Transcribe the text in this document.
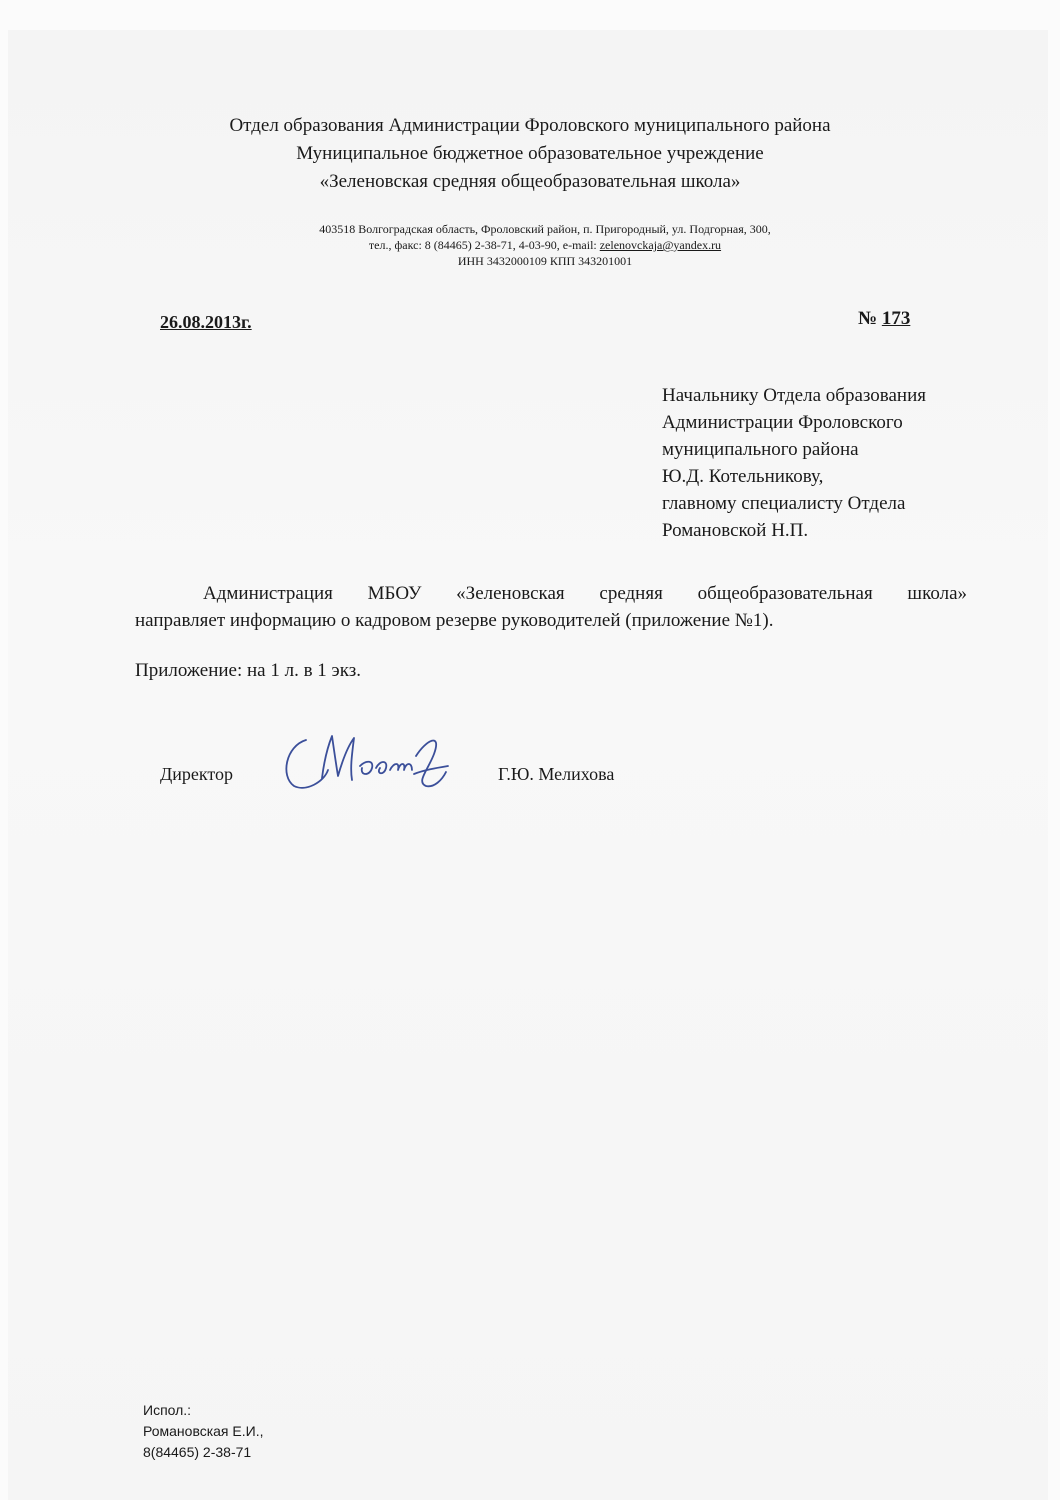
Отдел образования Администрации Фроловского муниципального района
Муниципальное бюджетное образовательное учреждение
«Зеленовская средняя общеобразовательная школа»
403518 Волгоградская область, Фроловский район, п. Пригородный, ул. Подгорная, 300,
тел., факс: 8 (84465) 2-38-71, 4-03-90, e-mail: zelenovckaja@yandex.ru
ИНН 3432000109 КПП 343201001
26.08.2013г.	№ 173
Начальнику Отдела образования
Администрации Фроловского
муниципального района
Ю.Д. Котельникову,
главному специалисту Отдела
Романовской Н.П.
Администрация МБОУ «Зеленовская средняя общеобразовательная школа»
направляет информацию о кадровом резерве руководителей (приложение №1).
Приложение: на 1 л. в 1 экз.
Директор	Г.Ю. Мелихова
Испол.:
Романовская Е.И.,
8(84465) 2-38-71
